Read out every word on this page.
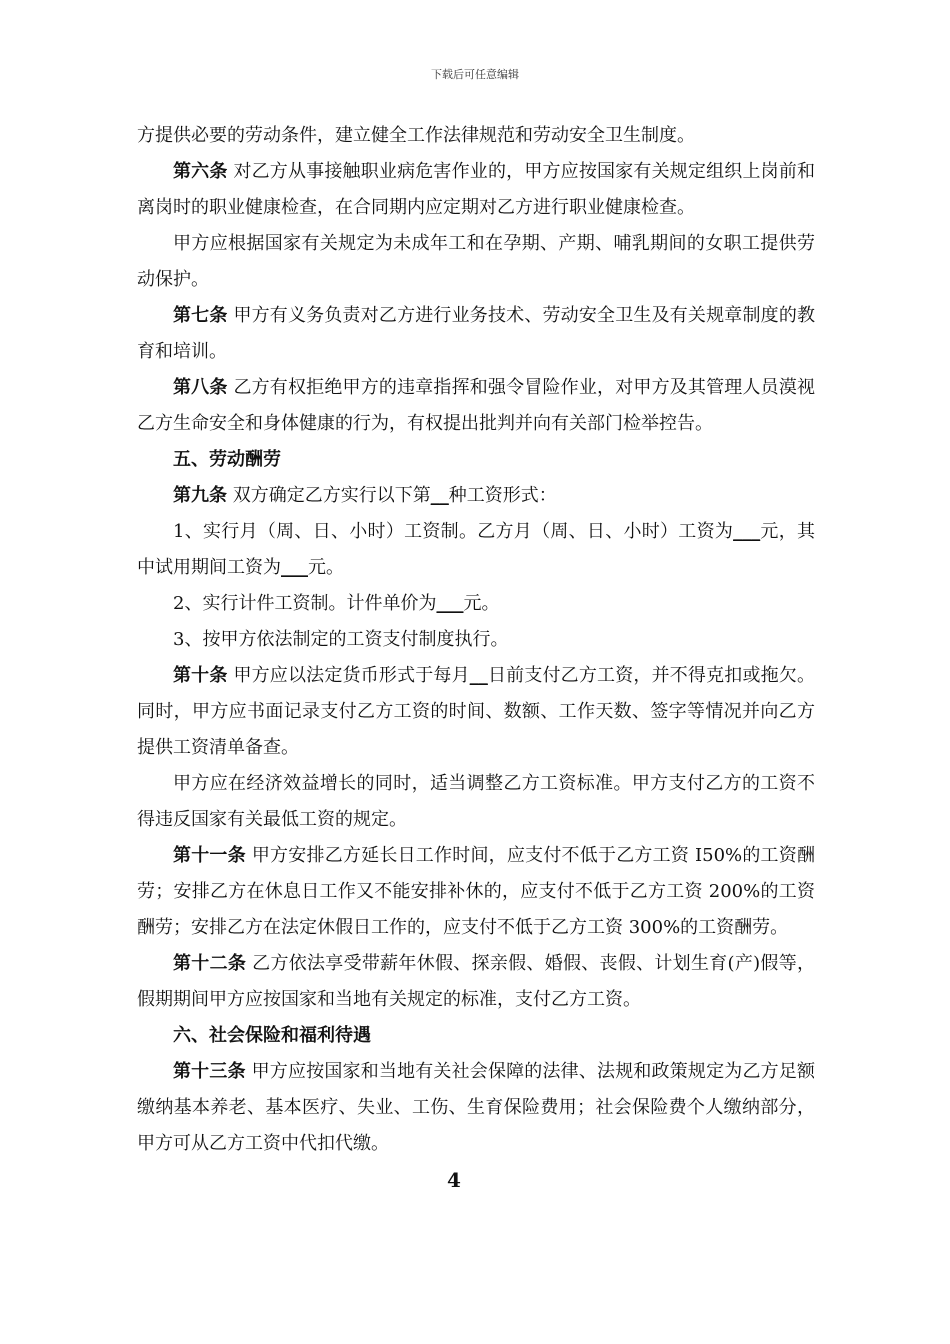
下载后可任意编辑

方提供必要的劳动条件，建立健全工作法律规范和劳动安全卫生制度。

第六条 对乙方从事接触职业病危害作业的，甲方应按国家有关规定组织上岗前和离岗时的职业健康检查，在合同期内应定期对乙方进行职业健康检查。

甲方应根据国家有关规定为未成年工和在孕期、产期、哺乳期间的女职工提供劳动保护。

第七条 甲方有义务负责对乙方进行业务技术、劳动安全卫生及有关规章制度的教育和培训。

第八条 乙方有权拒绝甲方的违章指挥和强令冒险作业，对甲方及其管理人员漠视乙方生命安全和身体健康的行为，有权提出批判并向有关部门检举控告。

五、劳动酬劳

第九条 双方确定乙方实行以下第__种工资形式：

1、实行月（周、日、小时）工资制。乙方月（周、日、小时）工资为___元，其中试用期间工资为___元。

2、实行计件工资制。计件单价为___元。

3、按甲方依法制定的工资支付制度执行。

第十条 甲方应以法定货币形式于每月__日前支付乙方工资，并不得克扣或拖欠。同时，甲方应书面记录支付乙方工资的时间、数额、工作天数、签字等情况并向乙方提供工资清单备查。

甲方应在经济效益增长的同时，适当调整乙方工资标准。甲方支付乙方的工资不得违反国家有关最低工资的规定。

第十一条 甲方安排乙方延长日工作时间，应支付不低于乙方工资 I50%的工资酬劳；安排乙方在休息日工作又不能安排补休的，应支付不低于乙方工资 200%的工资酬劳；安排乙方在法定休假日工作的，应支付不低于乙方工资 300%的工资酬劳。

第十二条 乙方依法享受带薪年休假、探亲假、婚假、丧假、计划生育(产)假等，假期期间甲方应按国家和当地有关规定的标准，支付乙方工资。

六、社会保险和福利待遇

第十三条 甲方应按国家和当地有关社会保障的法律、法规和政策规定为乙方足额缴纳基本养老、基本医疗、失业、工伤、生育保险费用；社会保险费个人缴纳部分，甲方可从乙方工资中代扣代缴。

4
